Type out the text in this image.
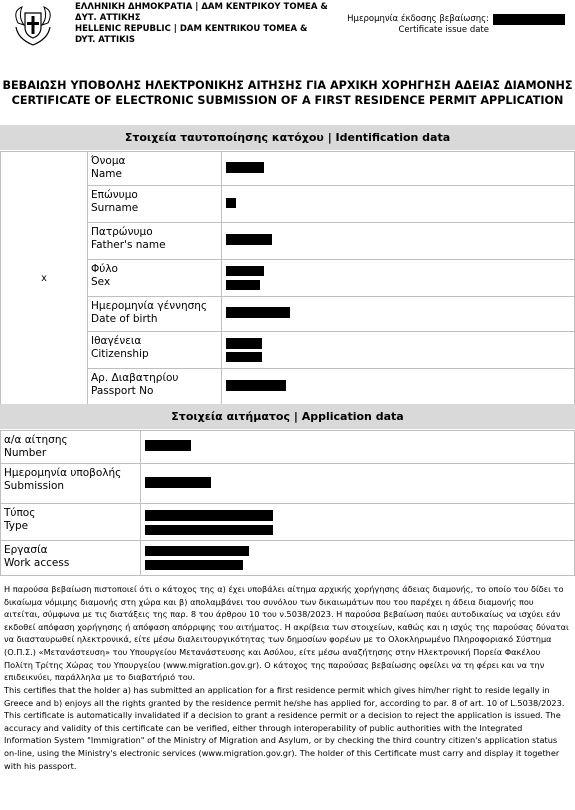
ΕΛΛΗΝΙΚΗ ΔΗΜΟΚΡΑΤΙΑ | ΔΑΜ ΚΕΝΤΡΙΚΟΥ ΤΟΜΕΑ &
ΔΥΤ. ΑΤΤΙΚΗΣ
HELLENIC REPUBLIC | DAM KENTRIKOU TOMEA &
DYT. ATTIKIS
Ημερομηνία έκδοσης βεβαίωσης:
Certificate issue date
ΒΕΒΑΙΩΣΗ ΥΠΟΒΟΛΗΣ ΗΛΕΚΤΡΟΝΙΚΗΣ ΑΙΤΗΣΗΣ ΓΙΑ ΑΡΧΙΚΗ ΧΟΡΗΓΗΣΗ ΑΔΕΙΑΣ ΔΙΑΜΟΝΗΣ
CERTIFICATE OF ELECTRONIC SUBMISSION OF A FIRST RESIDENCE PERMIT APPLICATION
Στοιχεία ταυτοποίησης κατόχου | Identification data
x	Όνομα
Name	

	Επώνυμο
Surname	

	Πατρώνυμο
Father's name	

	Φύλο
Sex	

	Ημερομηνία γέννησης
Date of birth	

	Ιθαγένεια
Citizenship	

	Αρ. Διαβατηρίου
Passport No	

Στοιχεία αιτήματος | Application data
α/α αίτησης
Number	

Ημερομηνία υποβολής
Submission	

Τύπος
Type	

Εργασία
Work access	

Η παρούσα βεβαίωση πιστοποιεί ότι ο κάτοχος της α) έχει υποβάλει αίτημα αρχικής χορήγησης άδειας διαμονής, το οποίο του δίδει το δικαίωμα νόμιμης διαμονής στη χώρα και β) απολαμβάνει του συνόλου των δικαιωμάτων που του παρέχει η άδεια διαμονής που αιτείται, σύμφωνα με τις διατάξεις της παρ. 8 του άρθρου 10 του ν.5038/2023. Η παρούσα βεβαίωση παύει αυτοδικαίως να ισχύει εάν εκδοθεί απόφαση χορήγησης ή απόφαση απόρριψης του αιτήματος. Η ακρίβεια των στοιχείων, καθώς και η ισχύς της παρούσας δύναται να διασταυρωθεί ηλεκτρονικά, είτε μέσω διαλειτουργικότητας των δημοσίων φορέων με το Ολοκληρωμένο Πληροφοριακό Σύστημα (Ο.Π.Σ.) «Μετανάστευση» του Υπουργείου Μετανάστευσης και Ασύλου, είτε μέσω αναζήτησης στην Ηλεκτρονική Πορεία Φακέλου Πολίτη Τρίτης Χώρας του Υπουργείου (www.migration.gov.gr). Ο κάτοχος της παρούσας βεβαίωσης οφείλει να τη φέρει και να την επιδεικνύει, παράλληλα με το διαβατήριό του.
This certifies that the holder a) has submitted an application for a first residence permit which gives him/her right to reside legally in Greece and b) enjoys all the rights granted by the residence permit he/she has applied for, according to par. 8 of art. 10 of L.5038/2023. This certificate is automatically invalidated if a decision to grant a residence permit or a decision to reject the application is issued. The accuracy and validity of this certificate can be verified, either through interoperability of public authorities with the Integrated Information System "Immigration" of the Ministry of Migration and Asylum, or by checking the third country citizen's application status on-line, using the Ministry's electronic services (www.migration.gov.gr). The holder of this Certificate must carry and display it together with his passport.
